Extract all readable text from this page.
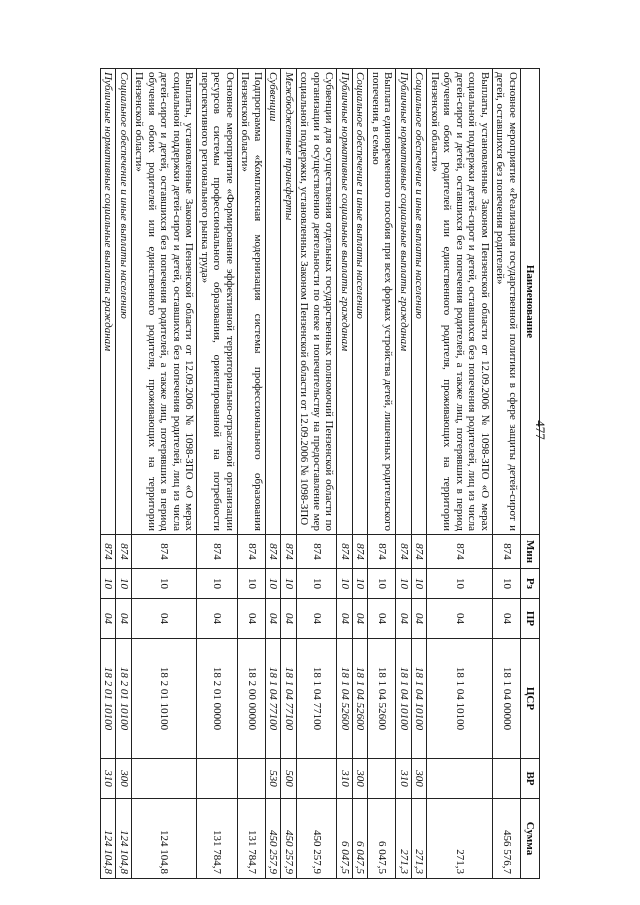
477
Наименование	Мин	Рз	ПР	ЦСР	ВР	Сумма
Основное мероприятие «Реализация государственной политики в сфере защиты детей-сирот и детей, оставшихся без попечения родителей»	874	10	04	18 1 04 00000		456 576,7
Выплаты, установленные Законом Пензенской области от 12.09.2006 № 1098-ЗПО «О мерах социальной поддержки детей-сирот и детей, оставшихся без попечения родителей, лиц из числа детей-сирот и детей, оставшихся без попечения родителей, а также лиц, потерявших в период обучения обоих родителей или единственного родителя, проживающих на территории Пензенской области»	874	10	04	18 1 04 10100		271,3
Социальное обеспечение и иные выплаты населению	874	10	04	18 1 04 10100	300	271,3
Публичные нормативные социальные выплаты гражданам	874	10	04	18 1 04 10100	310	271,3
Выплата единовременного пособия при всех формах устройства детей, лишенных родительского попечения, в семью	874	10	04	18 1 04 52600		6 047,5
Социальное обеспечение и иные выплаты населению	874	10	04	18 1 04 52600	300	6 047,5
Публичные нормативные социальные выплаты гражданам	874	10	04	18 1 04 52600	310	6 047,5
Субвенции для осуществления отдельных государственных полномочий Пензенской области по организации и осуществлению деятельности по опеке и попечительству на предоставление мер социальной поддержки, установленных Законом Пензенской области от 12.09.2006 № 1098-ЗПО	874	10	04	18 1 04 77100		450 257,9
Межбюджетные трансферты	874	10	04	18 1 04 77100	500	450 257,9
Субвенции	874	10	04	18 1 04 77100	530	450 257,9
Подпрограмма «Комплексная модернизация системы профессионального образования Пензенской области»	874	10	04	18 2 00 00000		131 784,7
Основное мероприятие «Формирование эффективной территориально-отраслевой организации ресурсов системы профессионального образования, ориентированной на потребности перспективного регионального рынка труда»	874	10	04	18 2 01 00000		131 784,7
Выплаты, установленные Законом Пензенской области от 12.09.2006 № 1098-ЗПО «О мерах социальной поддержки детей-сирот и детей, оставшихся без попечения родителей, лиц из числа детей-сирот и детей, оставшихся без попечения родителей, а также лиц, потерявших в период обучения обоих родителей или единственного родителя, проживающих на территории Пензенской области»	874	10	04	18 2 01 10100		124 104,8
Социальное обеспечение и иные выплаты населению	874	10	04	18 2 01 10100	300	124 104,8
Публичные нормативные социальные выплаты гражданам	874	10	04	18 2 01 10100	310	124 104,8
